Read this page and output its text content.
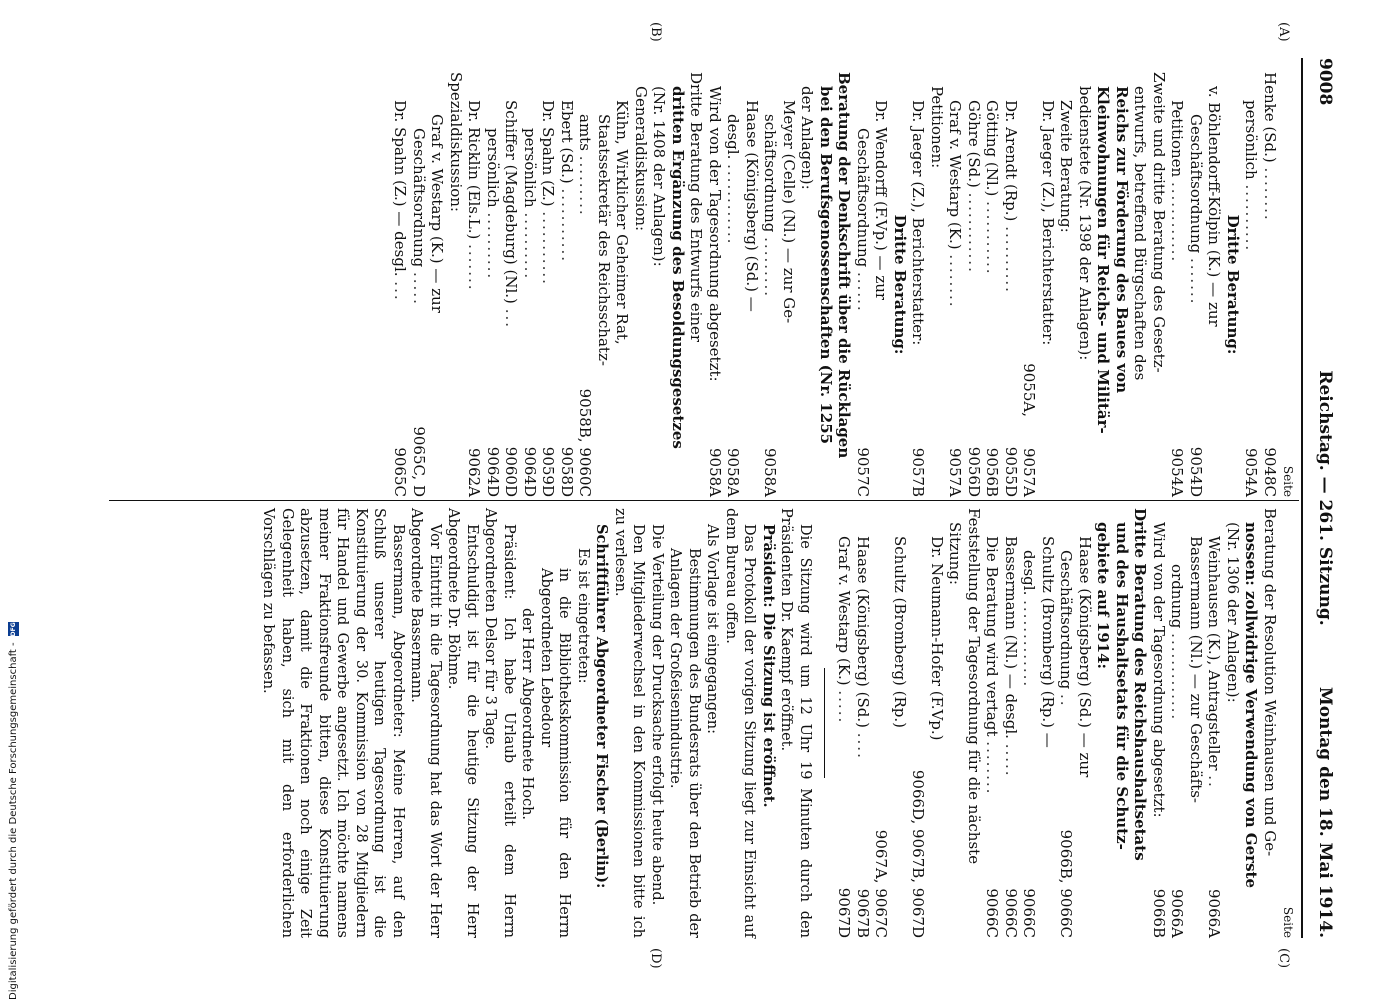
9008
Reichstag. — 261. Sitzung.
Montag den 18. Mai 1914.
(A)
(B)
(C)
(D)
Seite
Henke (Sd.) ........
9048C
persönlich ..........
9054A
Dritte Beratung:
v. Böhlendorff-Kölpin (K.) — zur
Geschäftsordnung .......
9054D
Petitionen ............
9054A
Zweite und dritte Beratung des Gesetz-
entwurfs, betreffend Bürgschaften des
Reichs zur Förderung des Baues von
Kleinwohnungen für Reichs- und Militär-
bedienstete (Nr. 1398 der Anlagen):
Zweite Beratung:
Dr. Jaeger (Z.), Berichterstatter:
9055A,
9057A
Dr. Arendt (Rp.) ..........
9055D
Götting (Nl.) ...........
9056B
Göhre (Sd.) ............
9056D
Graf v. Westarp (K.) ........
9057A
Petitionen:
Dr. Jaeger (Z.), Berichterstatter:
9057B
Dritte Beratung:
Dr. Wendorff (F.Vp.) — zur
Geschäftsordnung ......
9057C
Beratung der Denkschrift über die Rücklagen
bei den Berufsgenossenschaften (Nr. 1255
der Anlagen):
Meyer (Celle) (Nl.) — zur Ge-
schäftsordnung .........
9058A
Haase (Königsberg) (Sd.) —
desgl. ............
9058A
Wird von der Tagesordnung abgesetzt:
9058A
Dritte Beratung des Entwurfs einer
dritten Ergänzung des Besoldungsgesetzes
(Nr. 1408 der Anlagen):
Generaldiskussion:
Kühn, Wirklicher Geheimer Rat,
Staatssekretär des Reichsschatz-
amts .........
9058B, 9060C
Ebert (Sd.) ...........
9058D
Dr. Spahn (Z.) ...........
9059D
persönlich ..........
9064D
Schiffer (Magdeburg) (Nl.) ...
9060D
persönlich ..........
9064D
Dr. Ricklin (Els.L.) .......
9062A
Spezialdiskussion:
Graf v. Westarp (K.) — zur
Geschäftsordnung .....
9065C, D
Dr. Spahn (Z.) — desgl. ...
9065C
Seite
Beratung der Resolution Weinhausen und Ge-
nossen: zollwidrige Verwendung von Gerste
(Nr. 1306 der Anlagen):
Weinhausen (K.), Antragsteller ..
9066A
Bassermann (Nl.) — zur Geschäfts-
ordnung .............
9066A
Wird von der Tagesordnung abgesetzt:
9066B
Dritte Beratung des Reichshaushaltsetats
und des Haushaltsetats für die Schutz-
gebiete auf 1914:
Haase (Königsberg) (Sd.) — zur
Geschäftsordnung ..
9066B, 9066C
Schultz (Bromberg) (Rp.) —
desgl. .............
9066C
Bassermann (Nl.) — desgl. .....
9066C
Die Beratung wird vertagt ........
9066C
Feststellung der Tagesordnung für die nächste
Sitzung:
Dr. Neumann-Hofer (F.Vp.)
9066D, 9067B, 9067D
Schultz (Bromberg) (Rp.)
9067A, 9067C
Haase (Königsberg) (Sd.) ....
9067B
Graf v. Westarp (K.) .....
9067D

Die Sitzung wird um 12 Uhr 19 Minuten durch den Präsidenten Dr. Kaempf eröffnet.

Präsident: Die Sitzung ist eröffnet.

Das Protokoll der vorigen Sitzung liegt zur Einsicht auf dem Bureau offen.

Als Vorlage ist eingegangen:

Bestimmungen des Bundesrats über den Betrieb der Anlagen der Großeisenindustrie.

Die Verteilung der Drucksache erfolgt heute abend.

Den Mitgliederwechsel in den Kommissionen bitte ich zu verlesen.

Schriftführer Abgeordneter Fischer (Berlin):

Es ist eingetreten:

in die Bibliothekskommission für den Herrn Abgeordneten Lebedour

der Herr Abgeordnete Hoch.

Präsident: Ich habe Urlaub erteilt dem Herrn Abgeordneten Delsor für 3 Tage.

Entschuldigt ist für die heutige Sitzung der Herr Abgeordnete Dr. Böhme.

Vor Eintritt in die Tagesordnung hat das Wort der Herr Abgeordnete Bassermann.

Bassermann, Abgeordneter: Meine Herren, auf den Schluß unserer heutigen Tagesordnung ist die Konstituierung der 30. Kommission von 28 Mitgliedern für Handel und Gewerbe angesetzt. Ich möchte namens meiner Fraktionsfreunde bitten, diese Konstituierung abzusetzen, damit die Fraktionen noch einige Zeit Gelegenheit haben, sich mit den erforderlichen Vorschlägen zu befassen.

Digitalisierung gefördert durch die Deutsche Forschungsgemeinschaft -
DFG
